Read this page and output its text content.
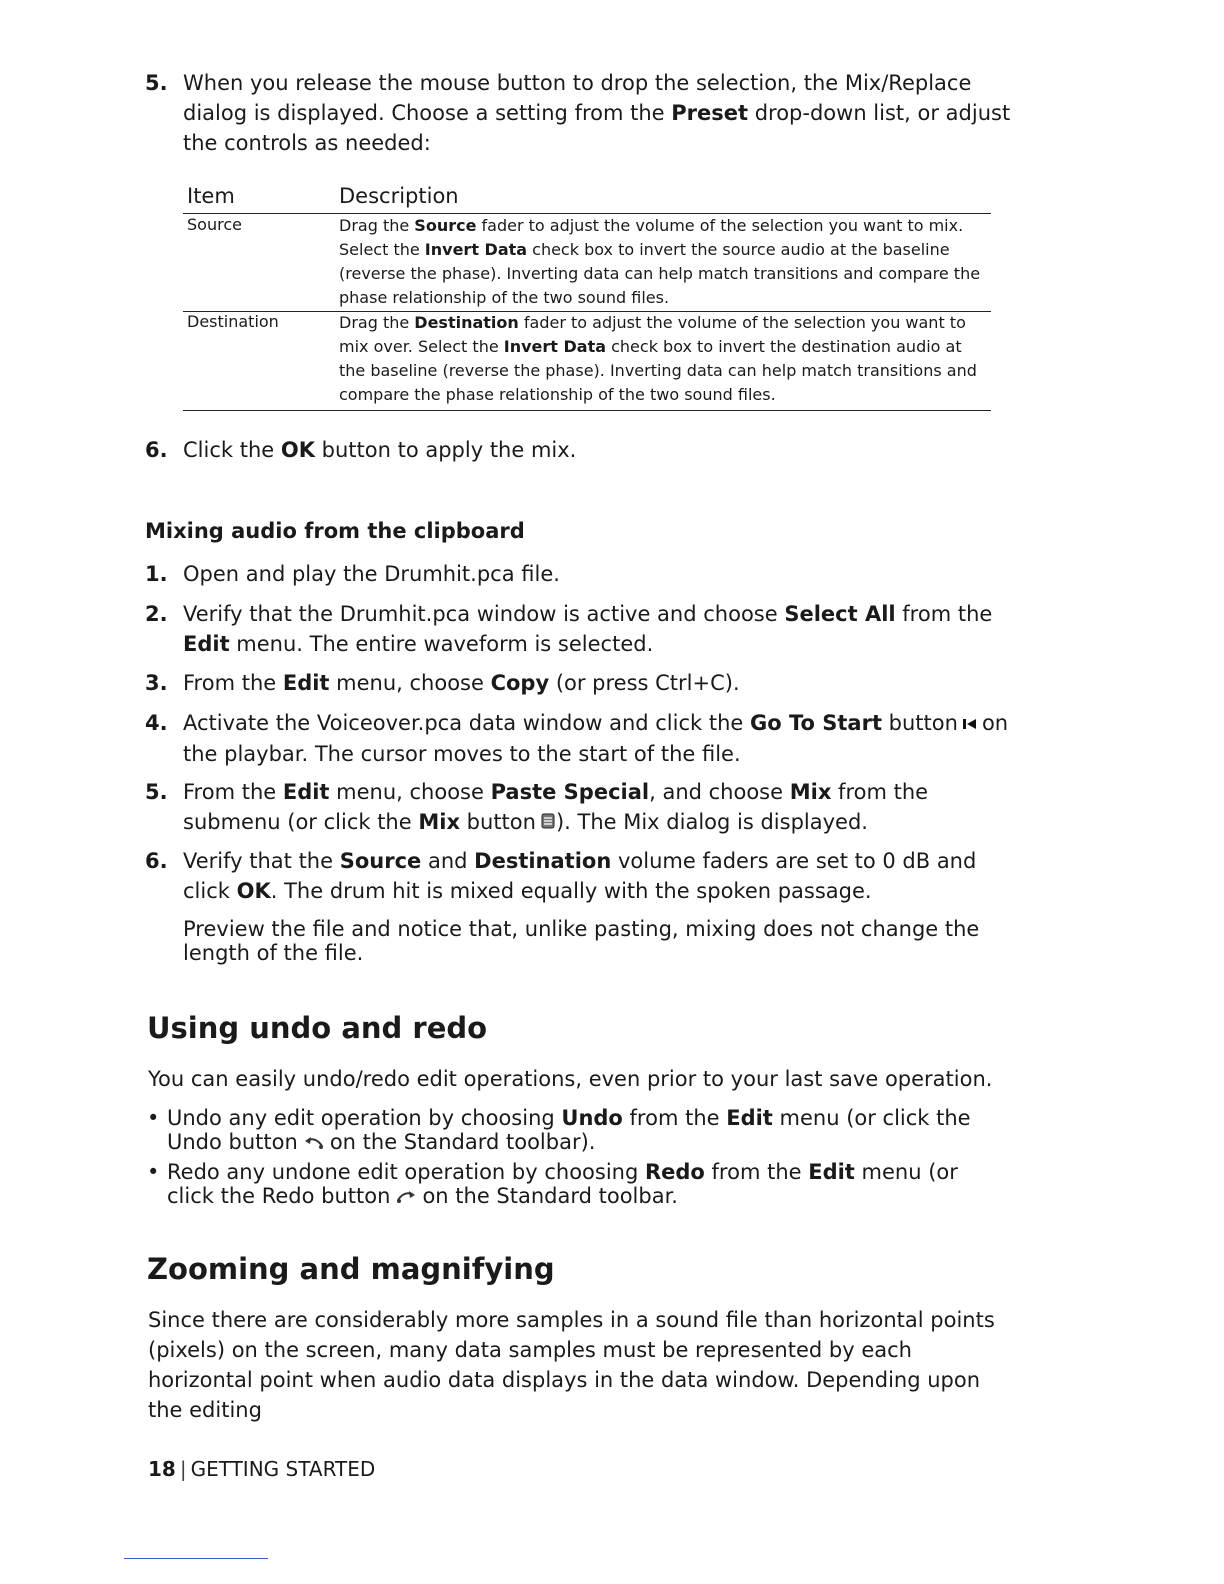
5. When you release the mouse button to drop the selection, the Mix/Replace dialog is displayed. Choose a setting from the Preset drop-down list, or adjust the controls as needed:
Item	Description
Source	Drag the Source fader to adjust the volume of the selection you want to mix. Select the Invert Data check box to invert the source audio at the baseline (reverse the phase). Inverting data can help match transitions and compare the phase relationship of the two sound files.
Destination	Drag the Destination fader to adjust the volume of the selection you want to mix over. Select the Invert Data check box to invert the destination audio at the baseline (reverse the phase). Inverting data can help match transitions and compare the phase relationship of the two sound files.
6. Click the OK button to apply the mix.
Mixing audio from the clipboard
1. Open and play the Drumhit.pca file.
2. Verify that the Drumhit.pca window is active and choose Select All from the Edit menu. The entire waveform is selected.
3. From the Edit menu, choose Copy (or press Ctrl+C).
4. Activate the Voiceover.pca data window and click the Go To Start button on the playbar. The cursor moves to the start of the file.
5. From the Edit menu, choose Paste Special, and choose Mix from the submenu (or click the Mix button ). The Mix dialog is displayed.
6. Verify that the Source and Destination volume faders are set to 0 dB and click OK. The drum hit is mixed equally with the spoken passage.
Preview the file and notice that, unlike pasting, mixing does not change the length of the file.
Using undo and redo
You can easily undo/redo edit operations, even prior to your last save operation.
• Undo any edit operation by choosing Undo from the Edit menu (or click the Undo button on the Standard toolbar).
• Redo any undone edit operation by choosing Redo from the Edit menu (or click the Redo button on the Standard toolbar.
Zooming and magnifying
Since there are considerably more samples in a sound file than horizontal points (pixels) on the screen, many data samples must be represented by each horizontal point when audio data displays in the data window. Depending upon the editing
18 | GETTING STARTED
